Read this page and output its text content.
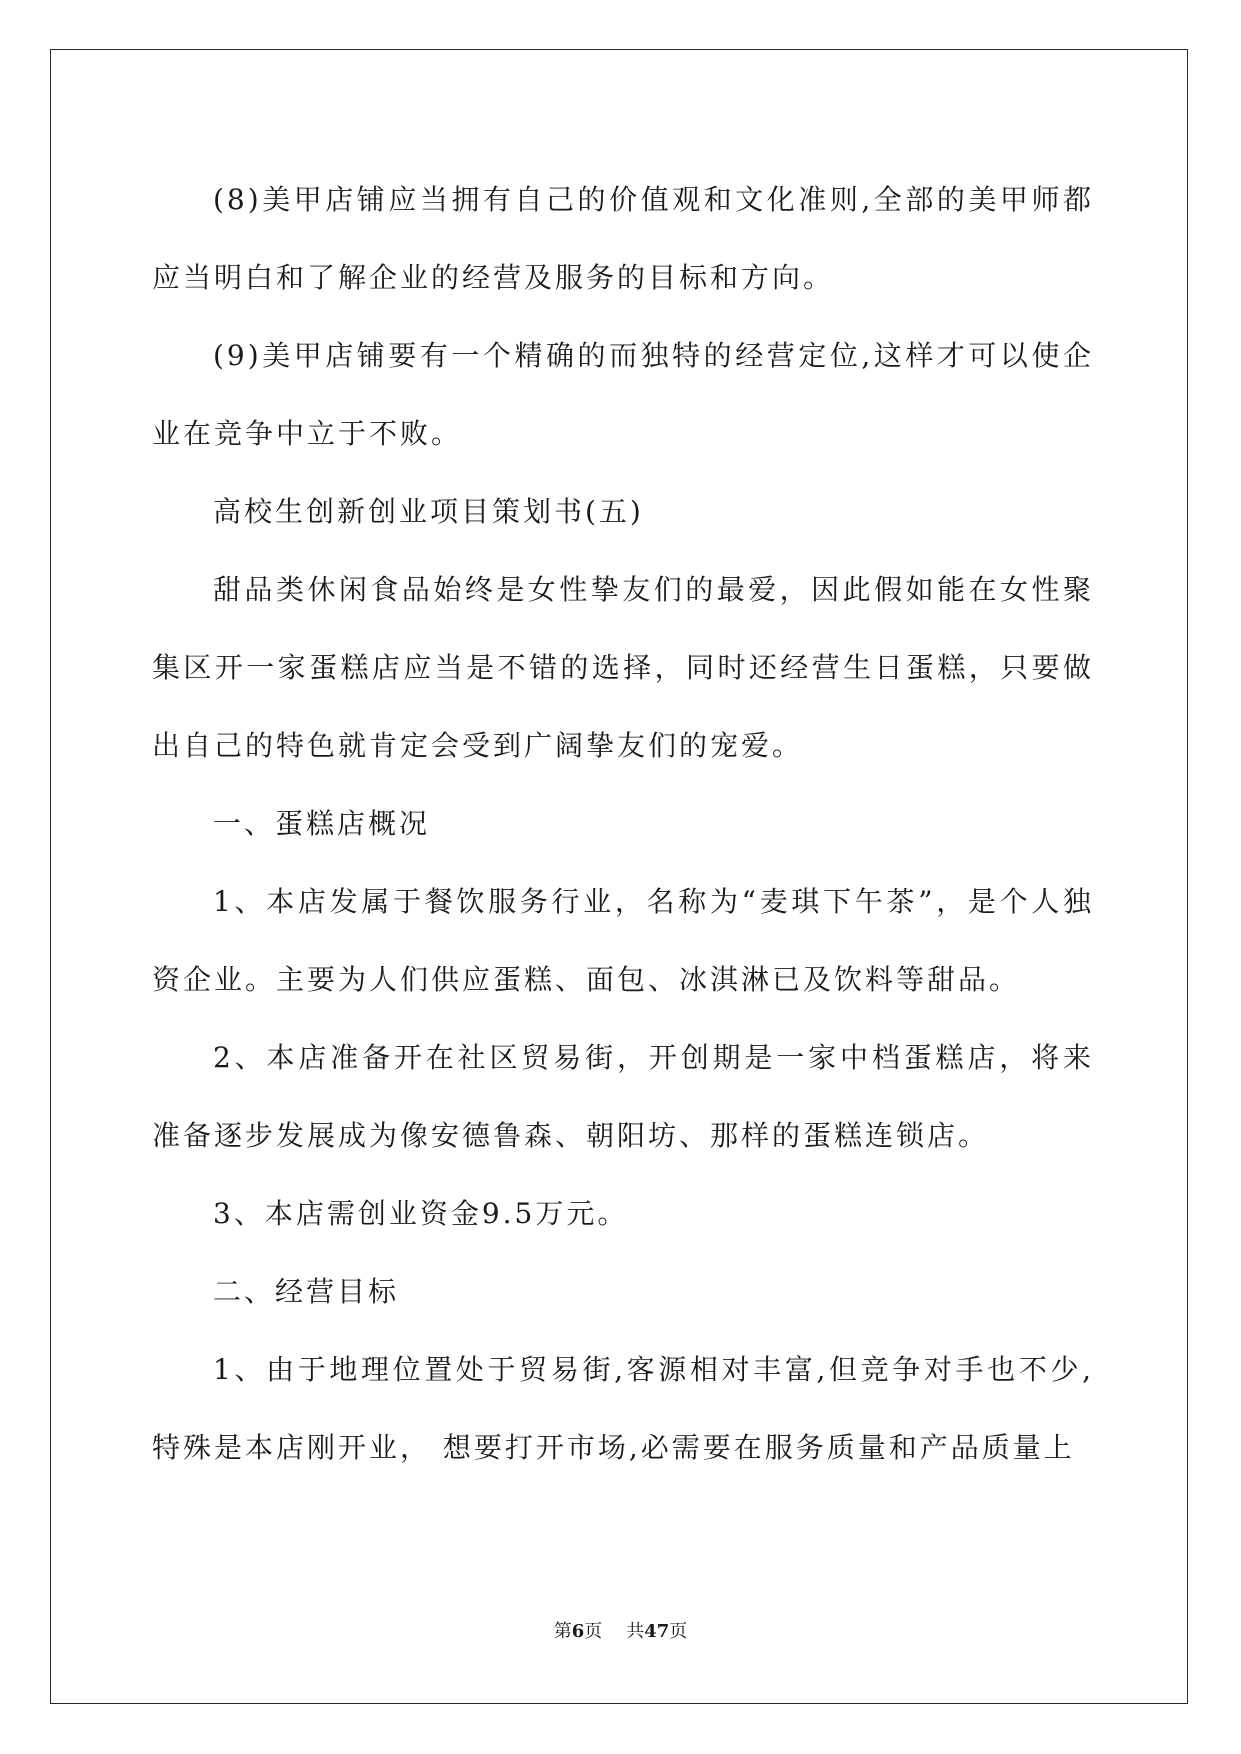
(8)美甲店铺应当拥有自己的价值观和文化准则,全部的美甲师都应当明白和了解企业的经营及服务的目标和方向。

(9)美甲店铺要有一个精确的而独特的经营定位,这样才可以使企业在竞争中立于不败。

高校生创新创业项目策划书(五)

甜品类休闲食品始终是女性挚友们的最爱，因此假如能在女性聚集区开一家蛋糕店应当是不错的选择，同时还经营生日蛋糕，只要做出自己的特色就肯定会受到广阔挚友们的宠爱。

一、蛋糕店概况

1、本店发属于餐饮服务行业，名称为“麦琪下午茶”，是个人独资企业。主要为人们供应蛋糕、面包、冰淇淋已及饮料等甜品。

2、本店准备开在社区贸易街，开创期是一家中档蛋糕店，将来准备逐步发展成为像安德鲁森、朝阳坊、那样的蛋糕连锁店。

3、本店需创业资金9.5万元。

二、经营目标

1、由于地理位置处于贸易街,客源相对丰富,但竞争对手也不少,特殊是本店刚开业， 想要打开市场,必需要在服务质量和产品质量上

第6页 共47页
